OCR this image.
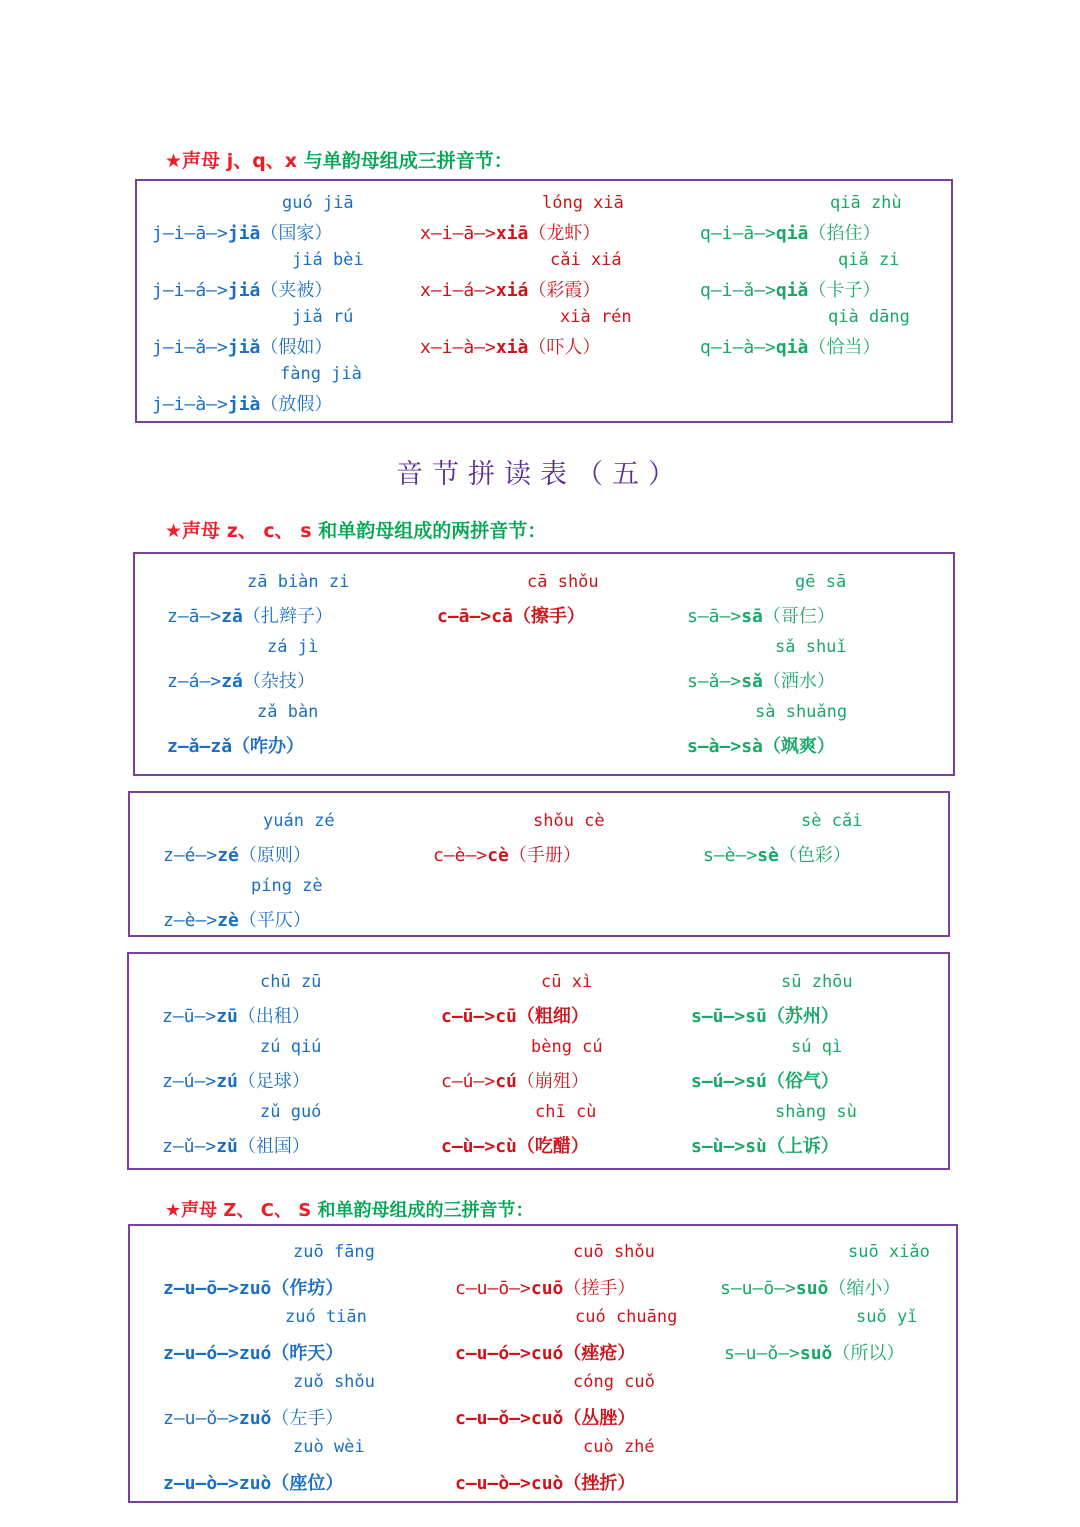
★声母 j、q、x 与单韵母组成三拼音节：
guó jiā
j—i—ā—>jiā（国家）
jiá bèi
j—i—á—>jiá（夹被）
jiǎ rú
j—i—ǎ—>jiǎ（假如）
fàng jià
j—i—à—>jià（放假）
lóng xiā
x—i—ā—>xiā（龙虾）
cǎi xiá
x—i—á—>xiá（彩霞）
xià rén
x—i—à—>xià（吓人）
qiā zhù
q—i—ā—>qiā（掐住）
qiǎ zi
q—i—ǎ—>qiǎ（卡子）
qià dāng
q—i—à—>qià（恰当）
音节拼读表（五）
★声母 z、 c、 s 和单韵母组成的两拼音节：
zā biàn zi
z—ā—>zā（扎辫子）
zá jì
z—á—>zá（杂技）
zǎ bàn
z—ǎ—zǎ（咋办）
cā shǒu
c—ā—>cā（擦手）
gē sā
s—ā—>sā（哥仨）
sǎ shuǐ
s—ǎ—>sǎ（洒水）
sà shuǎng
s—à—>sà（飒爽）
yuán zé
z—é—>zé（原则）
píng zè
z—è—>zè（平仄）
shǒu cè
c—è—>cè（手册）
sè cǎi
s—è—>sè（色彩）
chū zū
z—ū—>zū（出租）
zú qiú
z—ú—>zú（足球）
zǔ guó
z—ǔ—>zǔ（祖国）
cū xì
c—ū—>cū（粗细）
bèng cú
c—ú—>cú（崩殂）
chī cù
c—ù—>cù（吃醋）
sū zhōu
s—ū—>sū（苏州）
sú qì
s—ú—>sú（俗气）
shàng sù
s—ù—>sù（上诉）
★声母 Z、 C、 S 和单韵母组成的三拼音节：
zuō fāng
z—u—ō—>zuō（作坊）
zuó tiān
z—u—ó—>zuó（昨天）
zuǒ shǒu
z—u—ǒ—>zuǒ（左手）
zuò wèi
z—u—ò—>zuò（座位）
cuō shǒu
c—u—ō—>cuō（搓手）
cuó chuāng
c—u—ó—>cuó（痤疮）
cóng cuǒ
c—u—ǒ—>cuǒ（丛脞）
cuò zhé
c—u—ò—>cuò（挫折）
suō xiǎo
s—u—ō—>suō（缩小）
suǒ yǐ
s—u—ǒ—>suǒ（所以）
